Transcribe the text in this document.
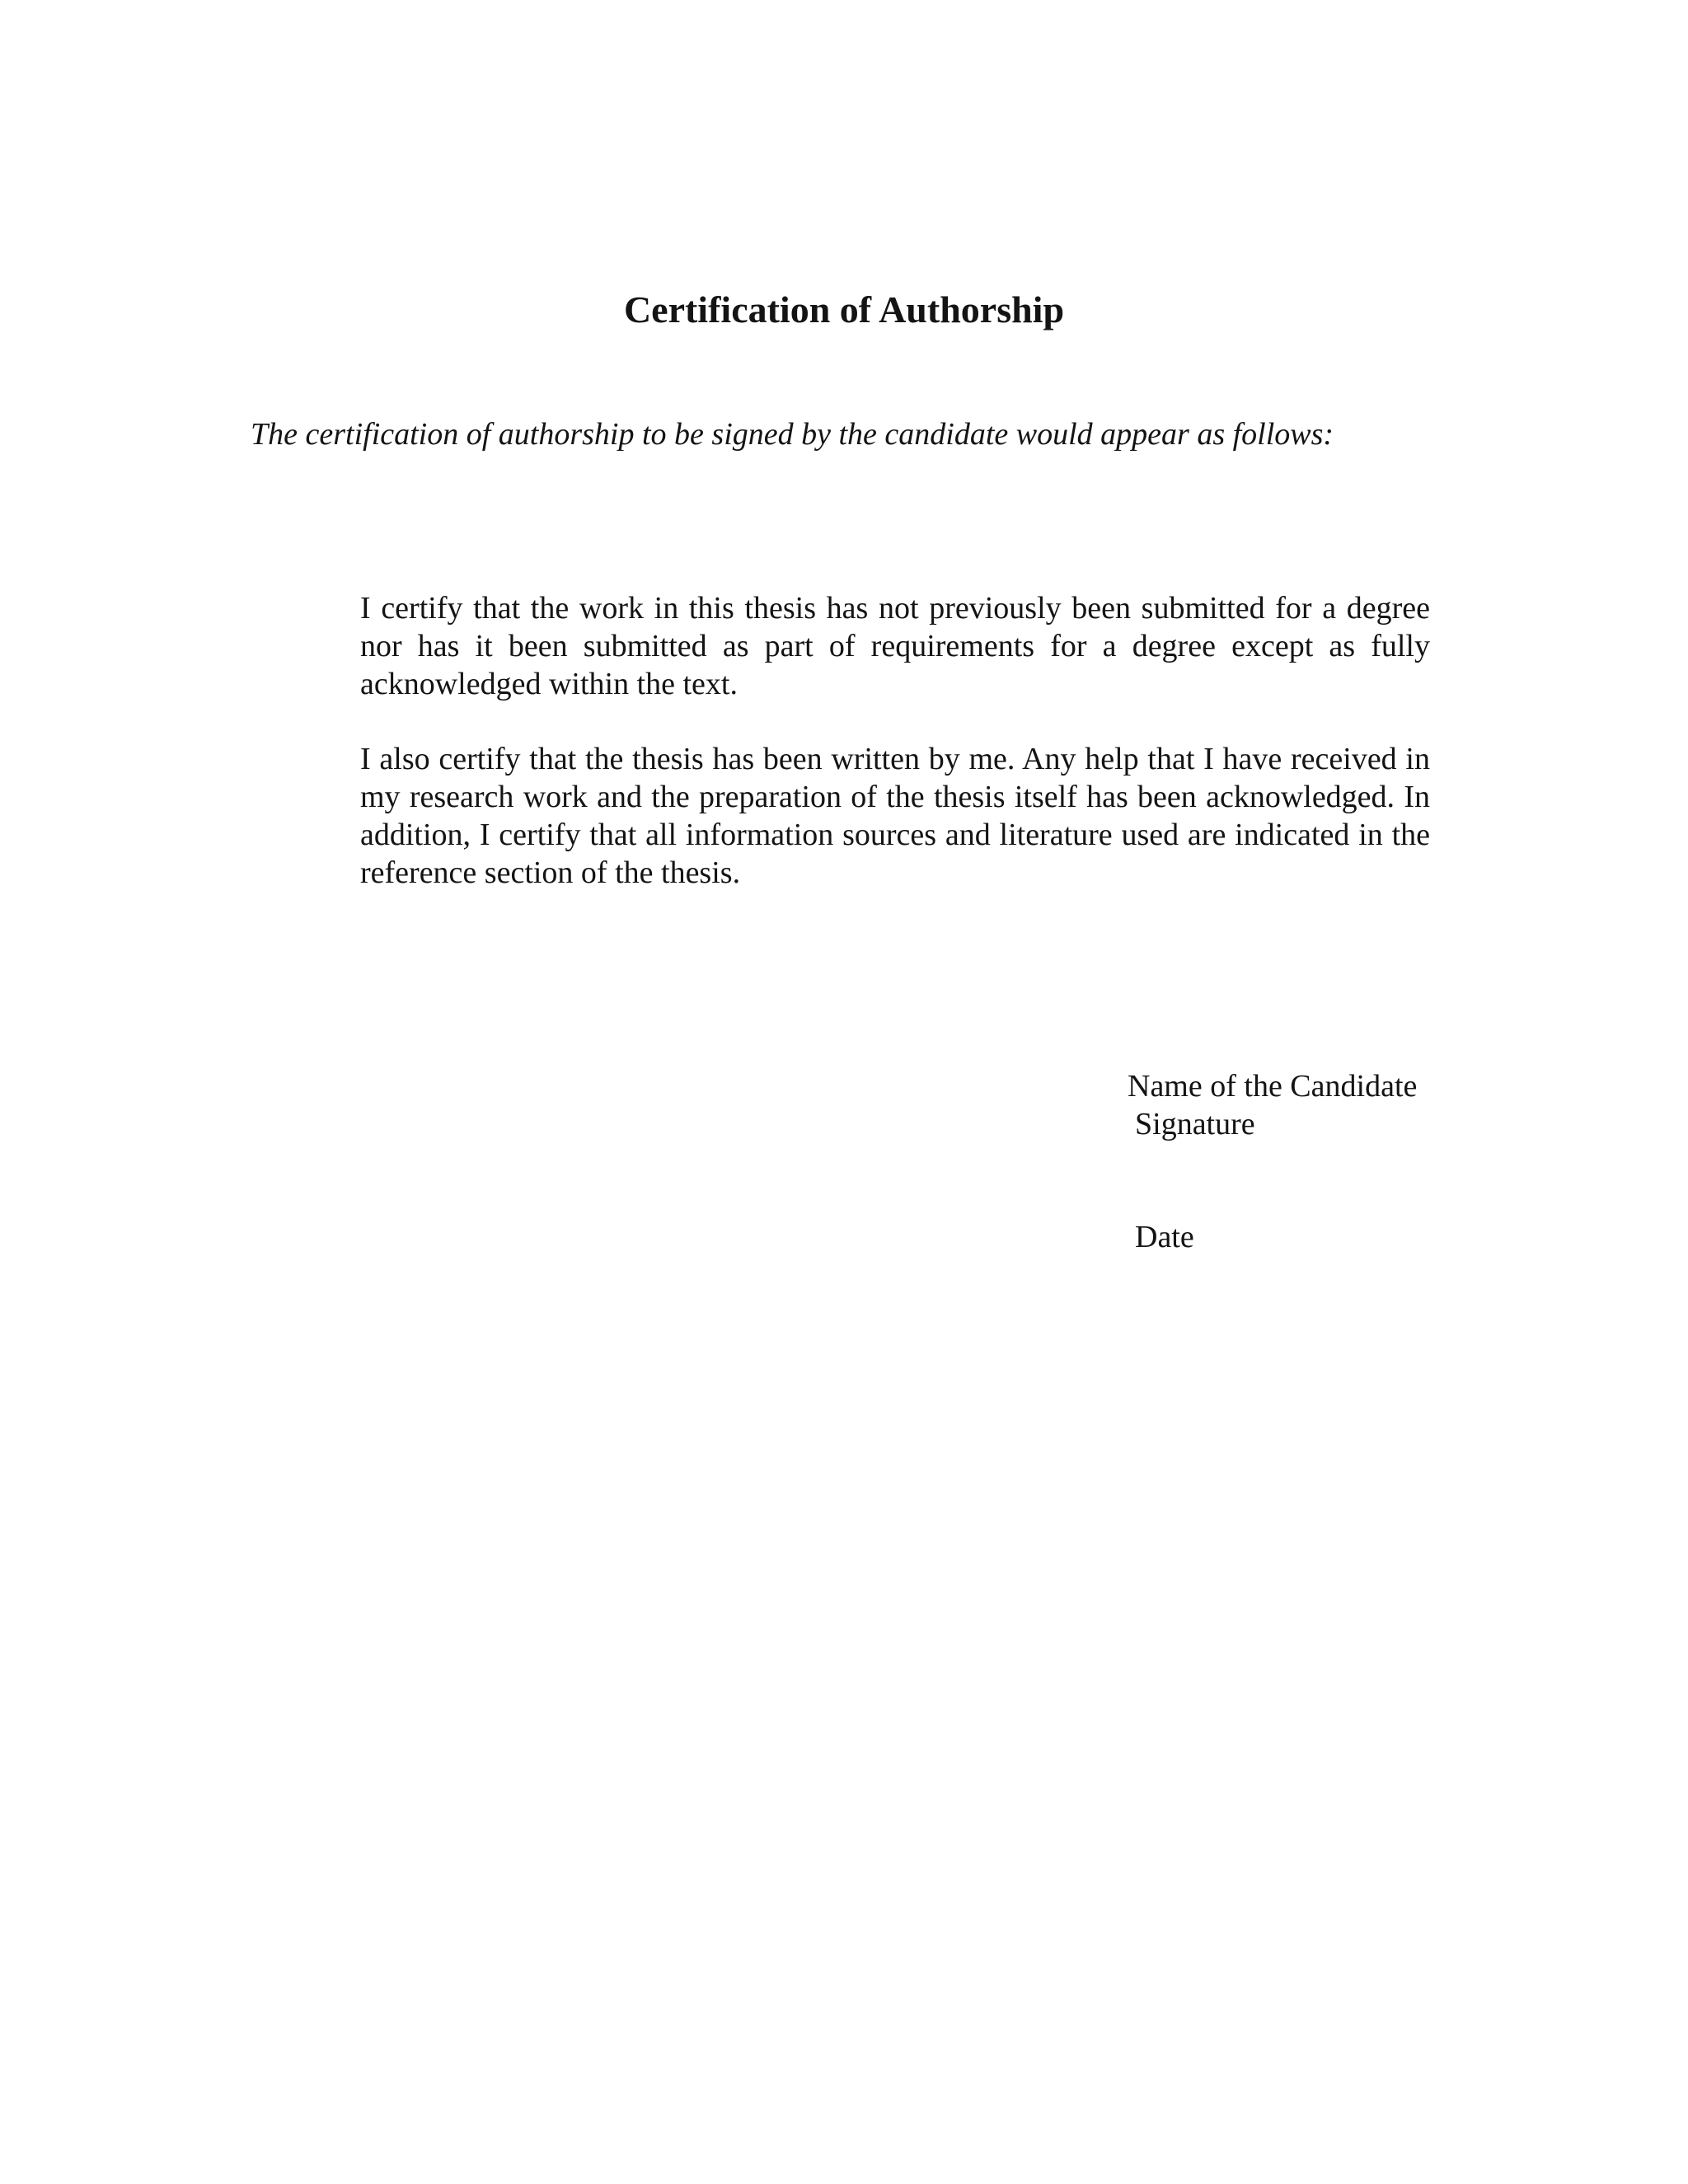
Certification of Authorship

The certification of authorship to be signed by the candidate would appear as follows:

I certify that the work in this thesis has not previously been submitted for a degree nor has it been submitted as part of requirements for a degree except as fully acknowledged within the text.

I also certify that the thesis has been written by me. Any help that I have received in my research work and the preparation of the thesis itself has been acknowledged. In addition, I certify that all information sources and literature used are indicated in the reference section of the thesis.

Name of the Candidate

Signature

Date
